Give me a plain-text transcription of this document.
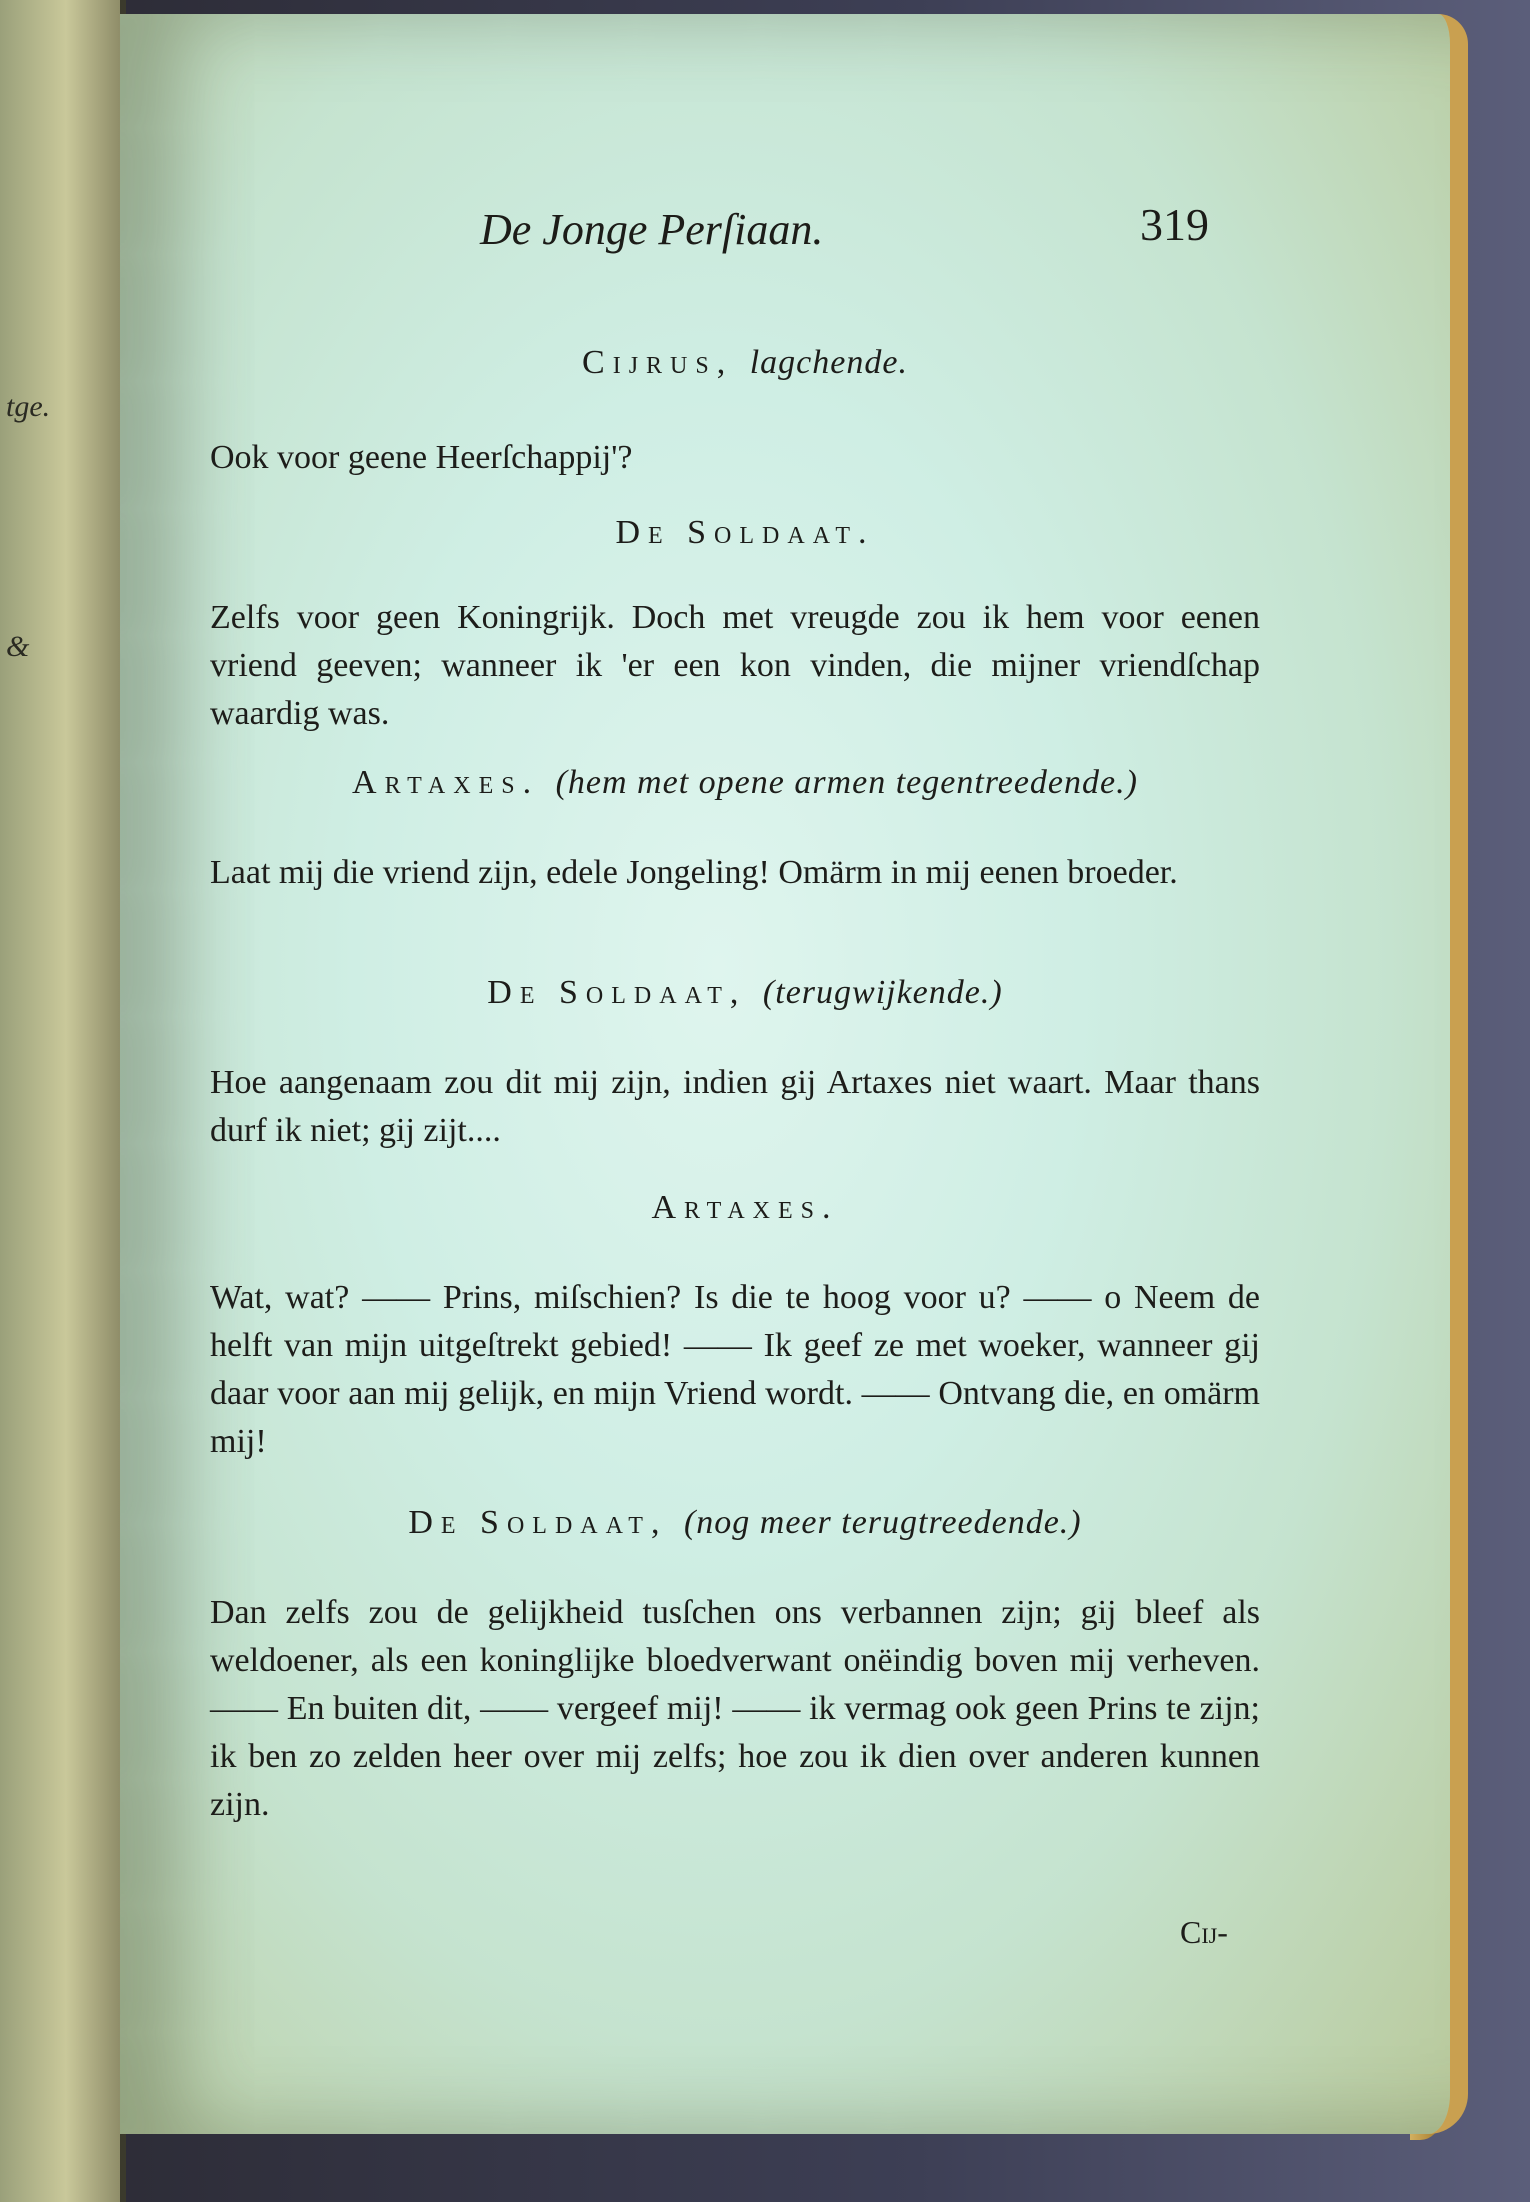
tge.
&
De Jonge Perſiaan.	319

Cijrus, lagchende.

Ook voor geene Heerſchappij'?

De Soldaat.

Zelfs voor geen Koningrijk. Doch met vreugde zou ik hem voor eenen vriend geeven; wanneer ik 'er een kon vinden, die mijner vriendſchap waardig was.

Artaxes. (hem met opene armen tegentreedende.)

Laat mij die vriend zijn, edele Jongeling! Omärm in mij eenen broeder.

De Soldaat, (terugwijkende.)

Hoe aangenaam zou dit mij zijn, indien gij Artaxes niet waart. Maar thans durf ik niet; gij zijt....

Artaxes.

Wat, wat? —— Prins, miſschien? Is die te hoog voor u? —— o Neem de helft van mijn uitgeſtrekt gebied! —— Ik geef ze met woeker, wanneer gij daar voor aan mij gelijk, en mijn Vriend wordt. —— Ontvang die, en omärm mij!

De Soldaat, (nog meer terugtreedende.)

Dan zelfs zou de gelijkheid tusſchen ons verbannen zijn; gij bleef als weldoener, als een koninglijke bloedverwant onëindig boven mij verheven. —— En buiten dit, —— vergeef mij! —— ik vermag ook geen Prins te zijn; ik ben zo zelden heer over mij zelfs; hoe zou ik dien over anderen kunnen zijn.

Cij-
